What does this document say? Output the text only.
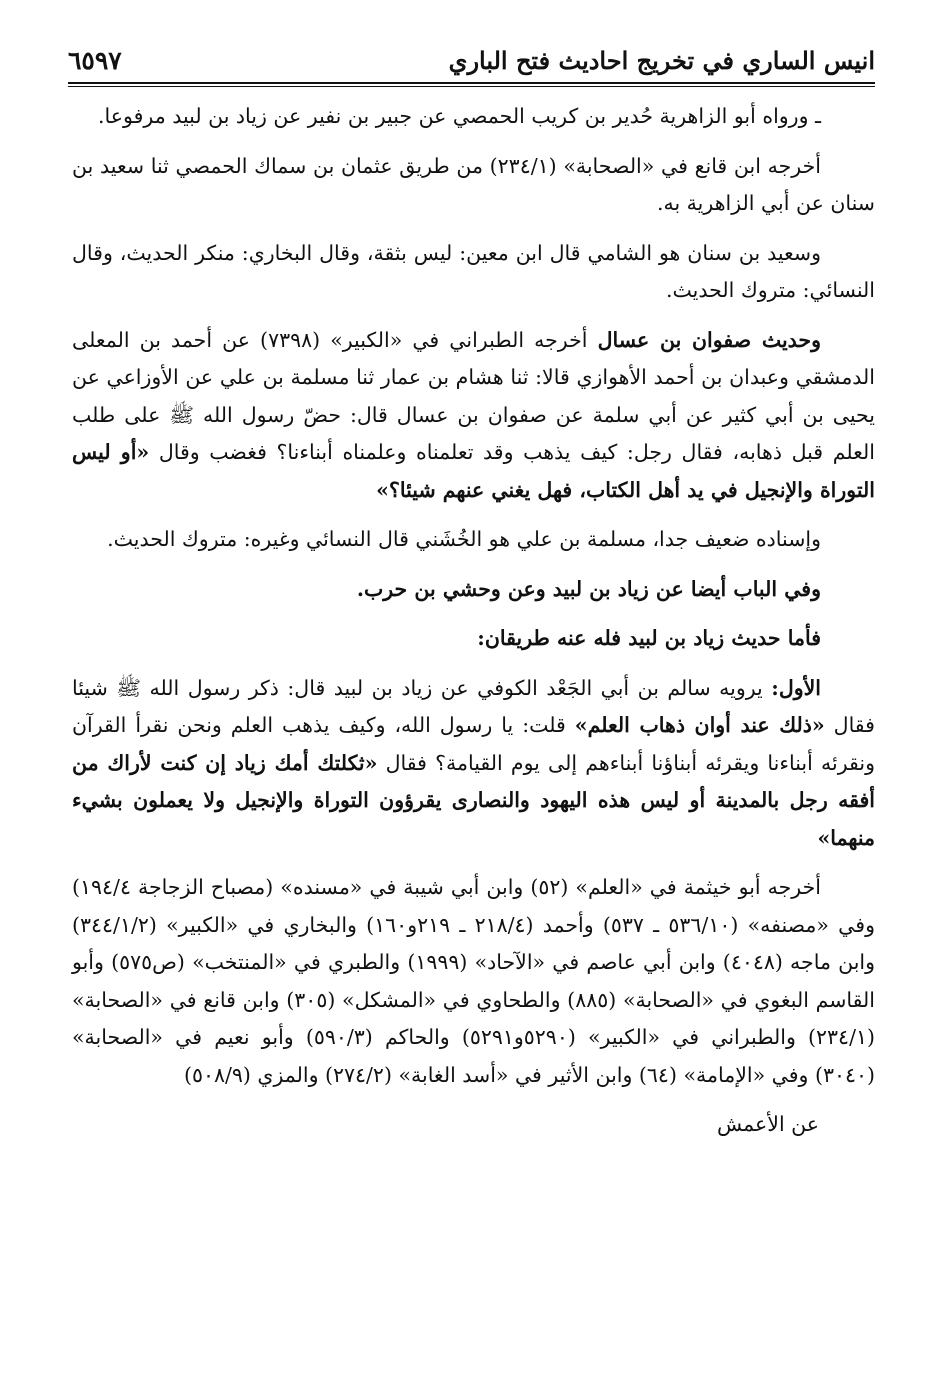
انيس الساري في تخريج احاديث فتح الباري
٦٥٩٧

ـ ورواه أبو الزاهرية حُدير بن كريب الحمصي عن جبير بن نفير عن زياد بن لبيد مرفوعا.

أخرجه ابن قانع في «الصحابة» (٢٣٤/١) من طريق عثمان بن سماك الحمصي ثنا سعيد بن سنان عن أبي الزاهرية به.

وسعيد بن سنان هو الشامي قال ابن معين: ليس بثقة، وقال البخاري: منكر الحديث، وقال النسائي: متروك الحديث.

وحديث صفوان بن عسال أخرجه الطبراني في «الكبير» (٧٣٩٨) عن أحمد بن المعلى الدمشقي وعبدان بن أحمد الأهوازي قالا: ثنا هشام بن عمار ثنا مسلمة بن علي عن الأوزاعي عن يحيى بن أبي كثير عن أبي سلمة عن صفوان بن عسال قال: حضّ رسول الله ﷺ على طلب العلم قبل ذهابه، فقال رجل: كيف يذهب وقد تعلمناه وعلمناه أبناءنا؟ فغضب وقال «أو ليس التوراة والإنجيل في يد أهل الكتاب، فهل يغني عنهم شيئا؟»

وإسناده ضعيف جدا، مسلمة بن علي هو الخُشَني قال النسائي وغيره: متروك الحديث.

وفي الباب أيضا عن زياد بن لبيد وعن وحشي بن حرب.

فأما حديث زياد بن لبيد فله عنه طريقان:

الأول: يرويه سالم بن أبي الجَعْد الكوفي عن زياد بن لبيد قال: ذكر رسول الله ﷺ شيئا فقال «ذلك عند أوان ذهاب العلم» قلت: يا رسول الله، وكيف يذهب العلم ونحن نقرأ القرآن ونقرئه أبناءنا ويقرئه أبناؤنا أبناءهم إلى يوم القيامة؟ فقال «ثكلتك أمك زياد إن كنت لأراك من أفقه رجل بالمدينة أو ليس هذه اليهود والنصارى يقرؤون التوراة والإنجيل ولا يعملون بشيء منهما»

أخرجه أبو خيثمة في «العلم» (٥٢) وابن أبي شيبة في «مسنده» (مصباح الزجاجة ١٩٤/٤) وفي «مصنفه» (٥٣٦/١٠ ـ ٥٣٧) وأحمد (٢١٨/٤ ـ ٢١٩و١٦٠) والبخاري في «الكبير» (٣٤٤/١/٢) وابن ماجه (٤٠٤٨) وابن أبي عاصم في «الآحاد» (١٩٩٩) والطبري في «المنتخب» (ص٥٧٥) وأبو القاسم البغوي في «الصحابة» (٨٨٥) والطحاوي في «المشكل» (٣٠٥) وابن قانع في «الصحابة» (٢٣٤/١) والطبراني في «الكبير» (٥٢٩٠و٥٢٩١) والحاكم (٥٩٠/٣) وأبو نعيم في «الصحابة» (٣٠٤٠) وفي «الإمامة» (٦٤) وابن الأثير في «أسد الغابة» (٢٧٤/٢) والمزي (٥٠٨/٩)

عن الأعمش
